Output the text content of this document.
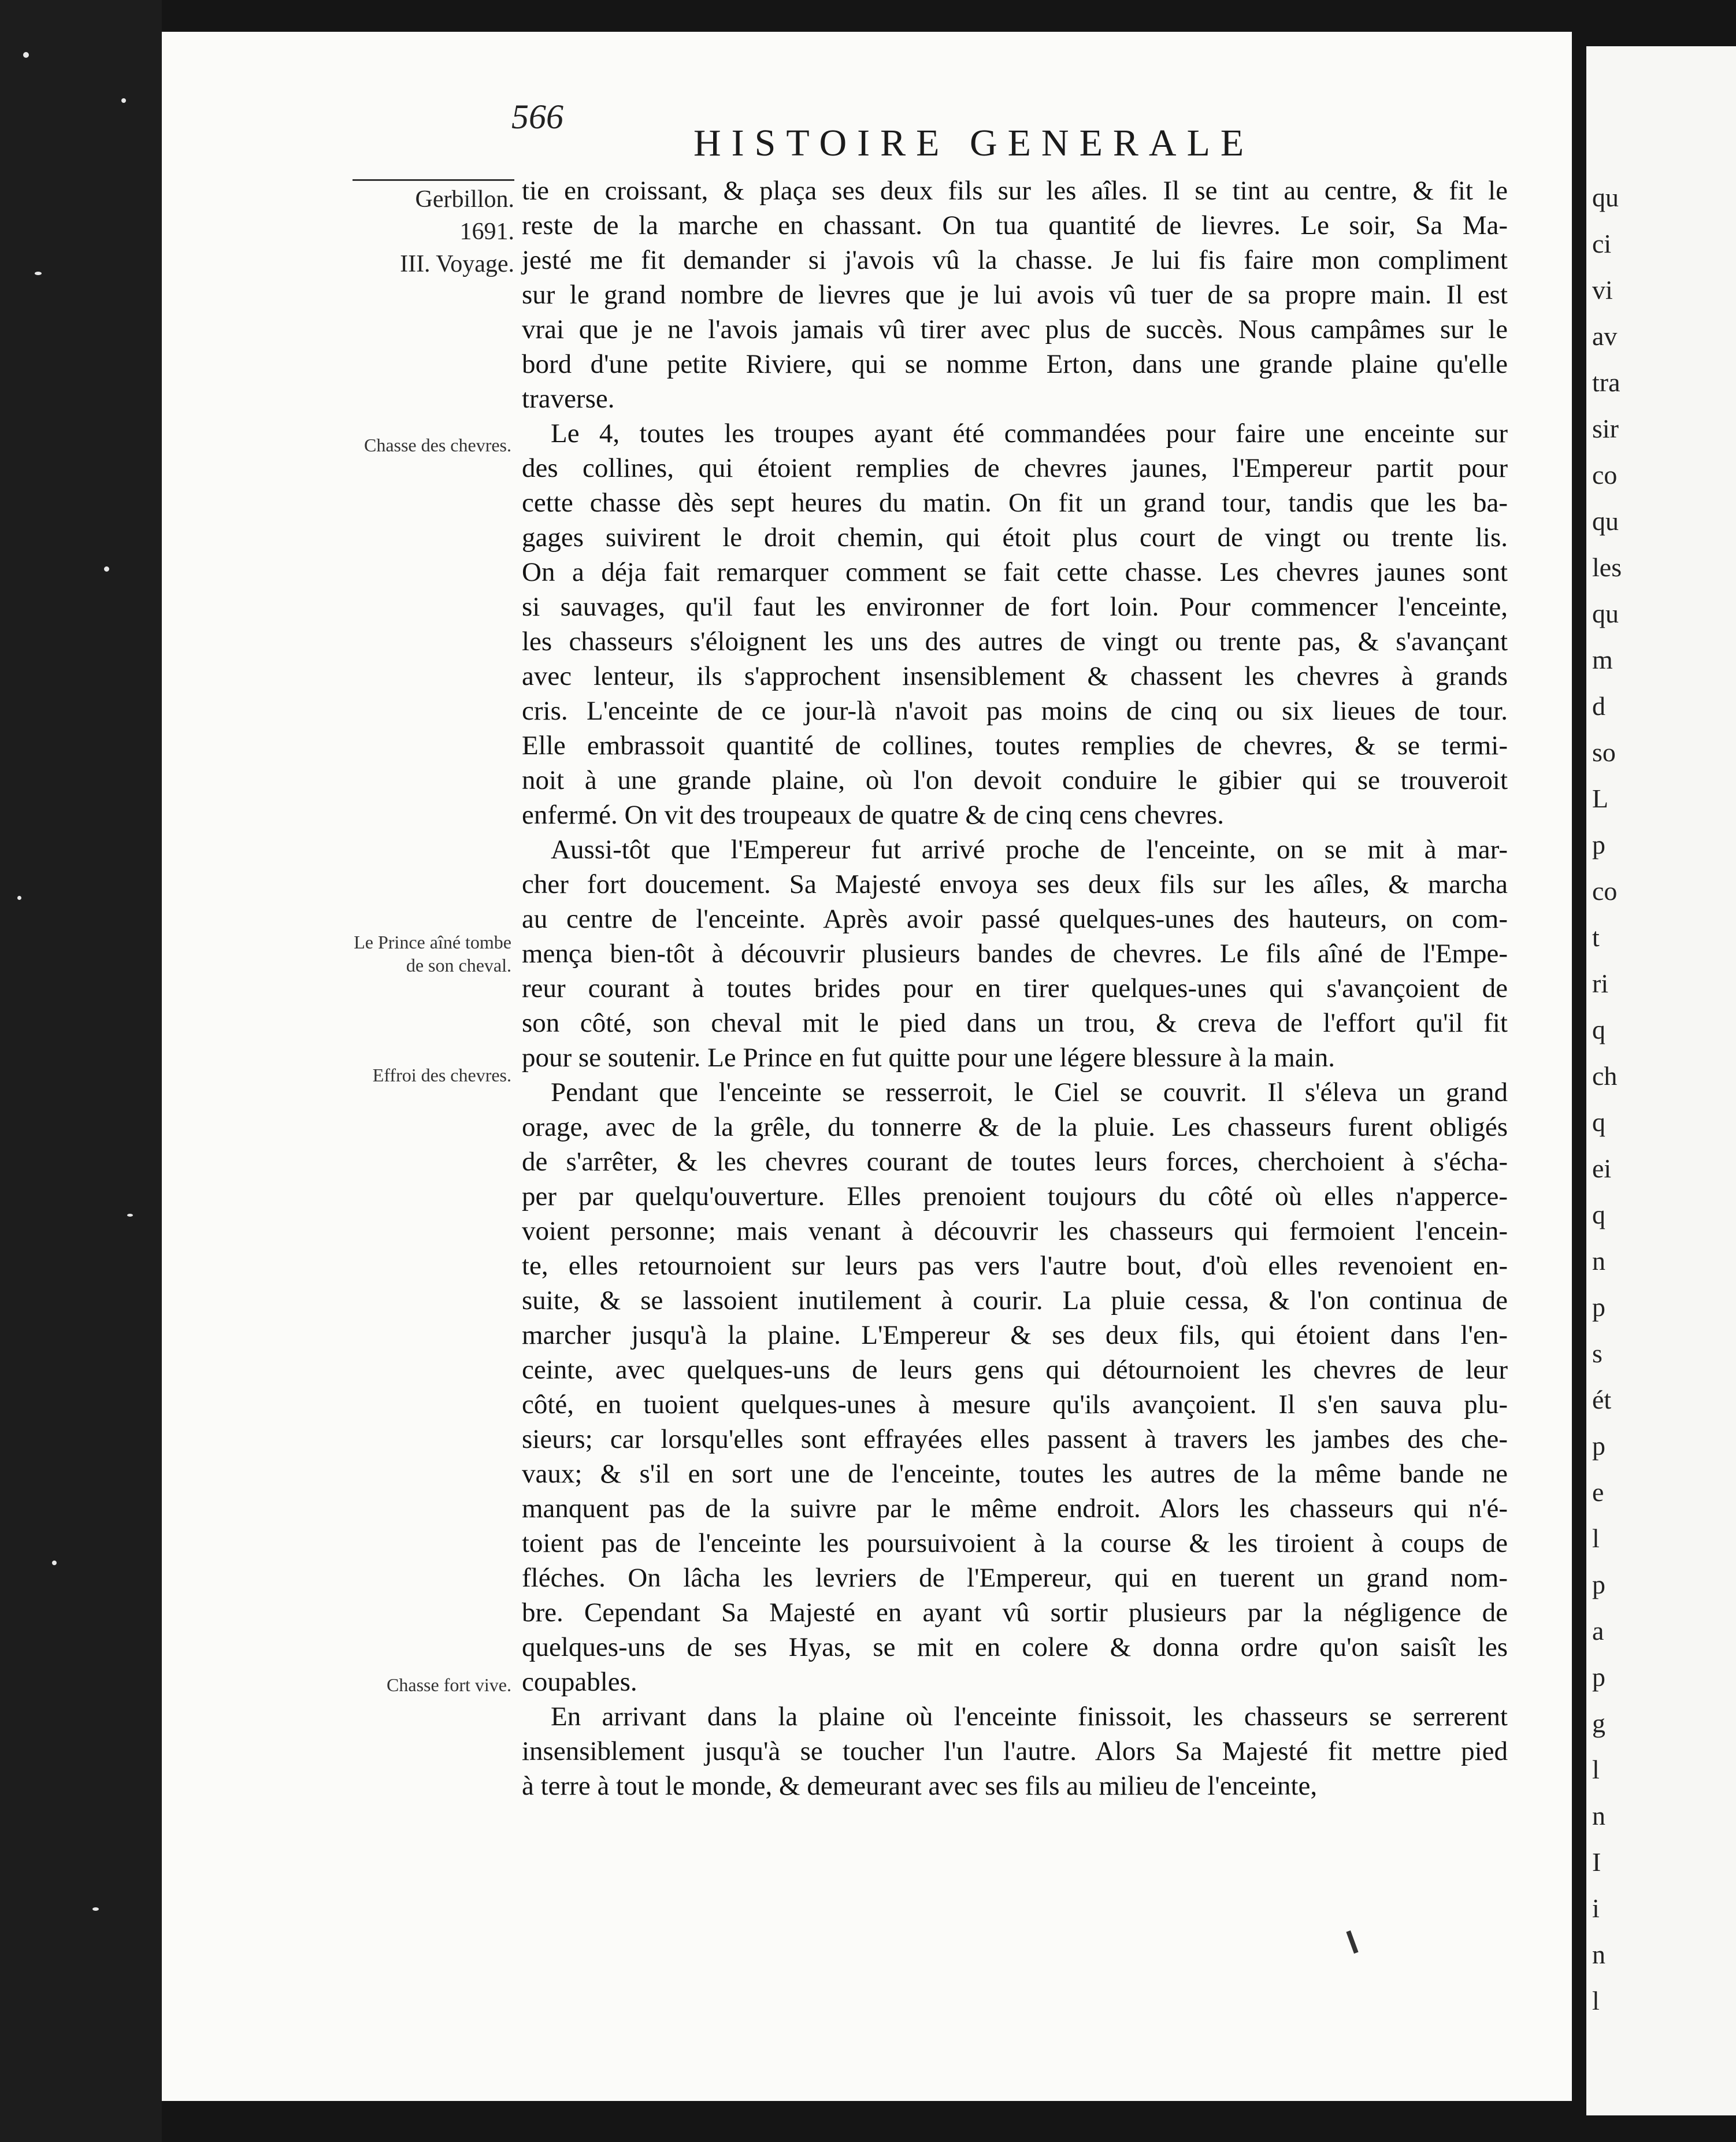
qu
ci
vi
av
tra
sir
co
qu
les
qu
m
d
so
L
p
co
t
ri
q
ch
q
ei
q
n
p
s
ét
p
e
l
p
a
p
g
l
n
I
i
n
l
566
HISTOIRE GENERALE
Gerbillon.
1691.
III. Voyage.
Chasse des chevres.
Le Prince aîné tombe de son cheval.
Effroi des chevres.
Chasse fort vive.

tie en croissant, & plaça ses deux fils sur les aîles. Il se tint au centre, & fit le
reste de la marche en chassant. On tua quantité de lievres. Le soir, Sa Ma-
jesté me fit demander si j'avois vû la chasse. Je lui fis faire mon compliment
sur le grand nombre de lievres que je lui avois vû tuer de sa propre main. Il est
vrai que je ne l'avois jamais vû tirer avec plus de succès. Nous campâmes sur le
bord d'une petite Riviere, qui se nomme Erton, dans une grande plaine qu'elle
traverse.

Le 4, toutes les troupes ayant été commandées pour faire une enceinte sur
des collines, qui étoient remplies de chevres jaunes, l'Empereur partit pour
cette chasse dès sept heures du matin. On fit un grand tour, tandis que les ba-
gages suivirent le droit chemin, qui étoit plus court de vingt ou trente lis.
On a déja fait remarquer comment se fait cette chasse. Les chevres jaunes sont
si sauvages, qu'il faut les environner de fort loin. Pour commencer l'enceinte,
les chasseurs s'éloignent les uns des autres de vingt ou trente pas, & s'avançant
avec lenteur, ils s'approchent insensiblement & chassent les chevres à grands
cris. L'enceinte de ce jour-là n'avoit pas moins de cinq ou six lieues de tour.
Elle embrassoit quantité de collines, toutes remplies de chevres, & se termi-
noit à une grande plaine, où l'on devoit conduire le gibier qui se trouveroit
enfermé. On vit des troupeaux de quatre & de cinq cens chevres.

Aussi-tôt que l'Empereur fut arrivé proche de l'enceinte, on se mit à mar-
cher fort doucement. Sa Majesté envoya ses deux fils sur les aîles, & marcha
au centre de l'enceinte. Après avoir passé quelques-unes des hauteurs, on com-
mença bien-tôt à découvrir plusieurs bandes de chevres. Le fils aîné de l'Empe-
reur courant à toutes brides pour en tirer quelques-unes qui s'avançoient de
son côté, son cheval mit le pied dans un trou, & creva de l'effort qu'il fit
pour se soutenir. Le Prince en fut quitte pour une légere blessure à la main.

Pendant que l'enceinte se resserroit, le Ciel se couvrit. Il s'éleva un grand
orage, avec de la grêle, du tonnerre & de la pluie. Les chasseurs furent obligés
de s'arrêter, & les chevres courant de toutes leurs forces, cherchoient à s'écha-
per par quelqu'ouverture. Elles prenoient toujours du côté où elles n'apperce-
voient personne; mais venant à découvrir les chasseurs qui fermoient l'encein-
te, elles retournoient sur leurs pas vers l'autre bout, d'où elles revenoient en-
suite, & se lassoient inutilement à courir. La pluie cessa, & l'on continua de
marcher jusqu'à la plaine. L'Empereur & ses deux fils, qui étoient dans l'en-
ceinte, avec quelques-uns de leurs gens qui détournoient les chevres de leur
côté, en tuoient quelques-unes à mesure qu'ils avançoient. Il s'en sauva plu-
sieurs; car lorsqu'elles sont effrayées elles passent à travers les jambes des che-
vaux; & s'il en sort une de l'enceinte, toutes les autres de la même bande ne
manquent pas de la suivre par le même endroit. Alors les chasseurs qui n'é-
toient pas de l'enceinte les poursuivoient à la course & les tiroient à coups de
fléches. On lâcha les levriers de l'Empereur, qui en tuerent un grand nom-
bre. Cependant Sa Majesté en ayant vû sortir plusieurs par la négligence de
quelques-uns de ses Hyas, se mit en colere & donna ordre qu'on saisît les
coupables.

En arrivant dans la plaine où l'enceinte finissoit, les chasseurs se serrerent
insensiblement jusqu'à se toucher l'un l'autre. Alors Sa Majesté fit mettre pied
à terre à tout le monde, & demeurant avec ses fils au milieu de l'enceinte,
